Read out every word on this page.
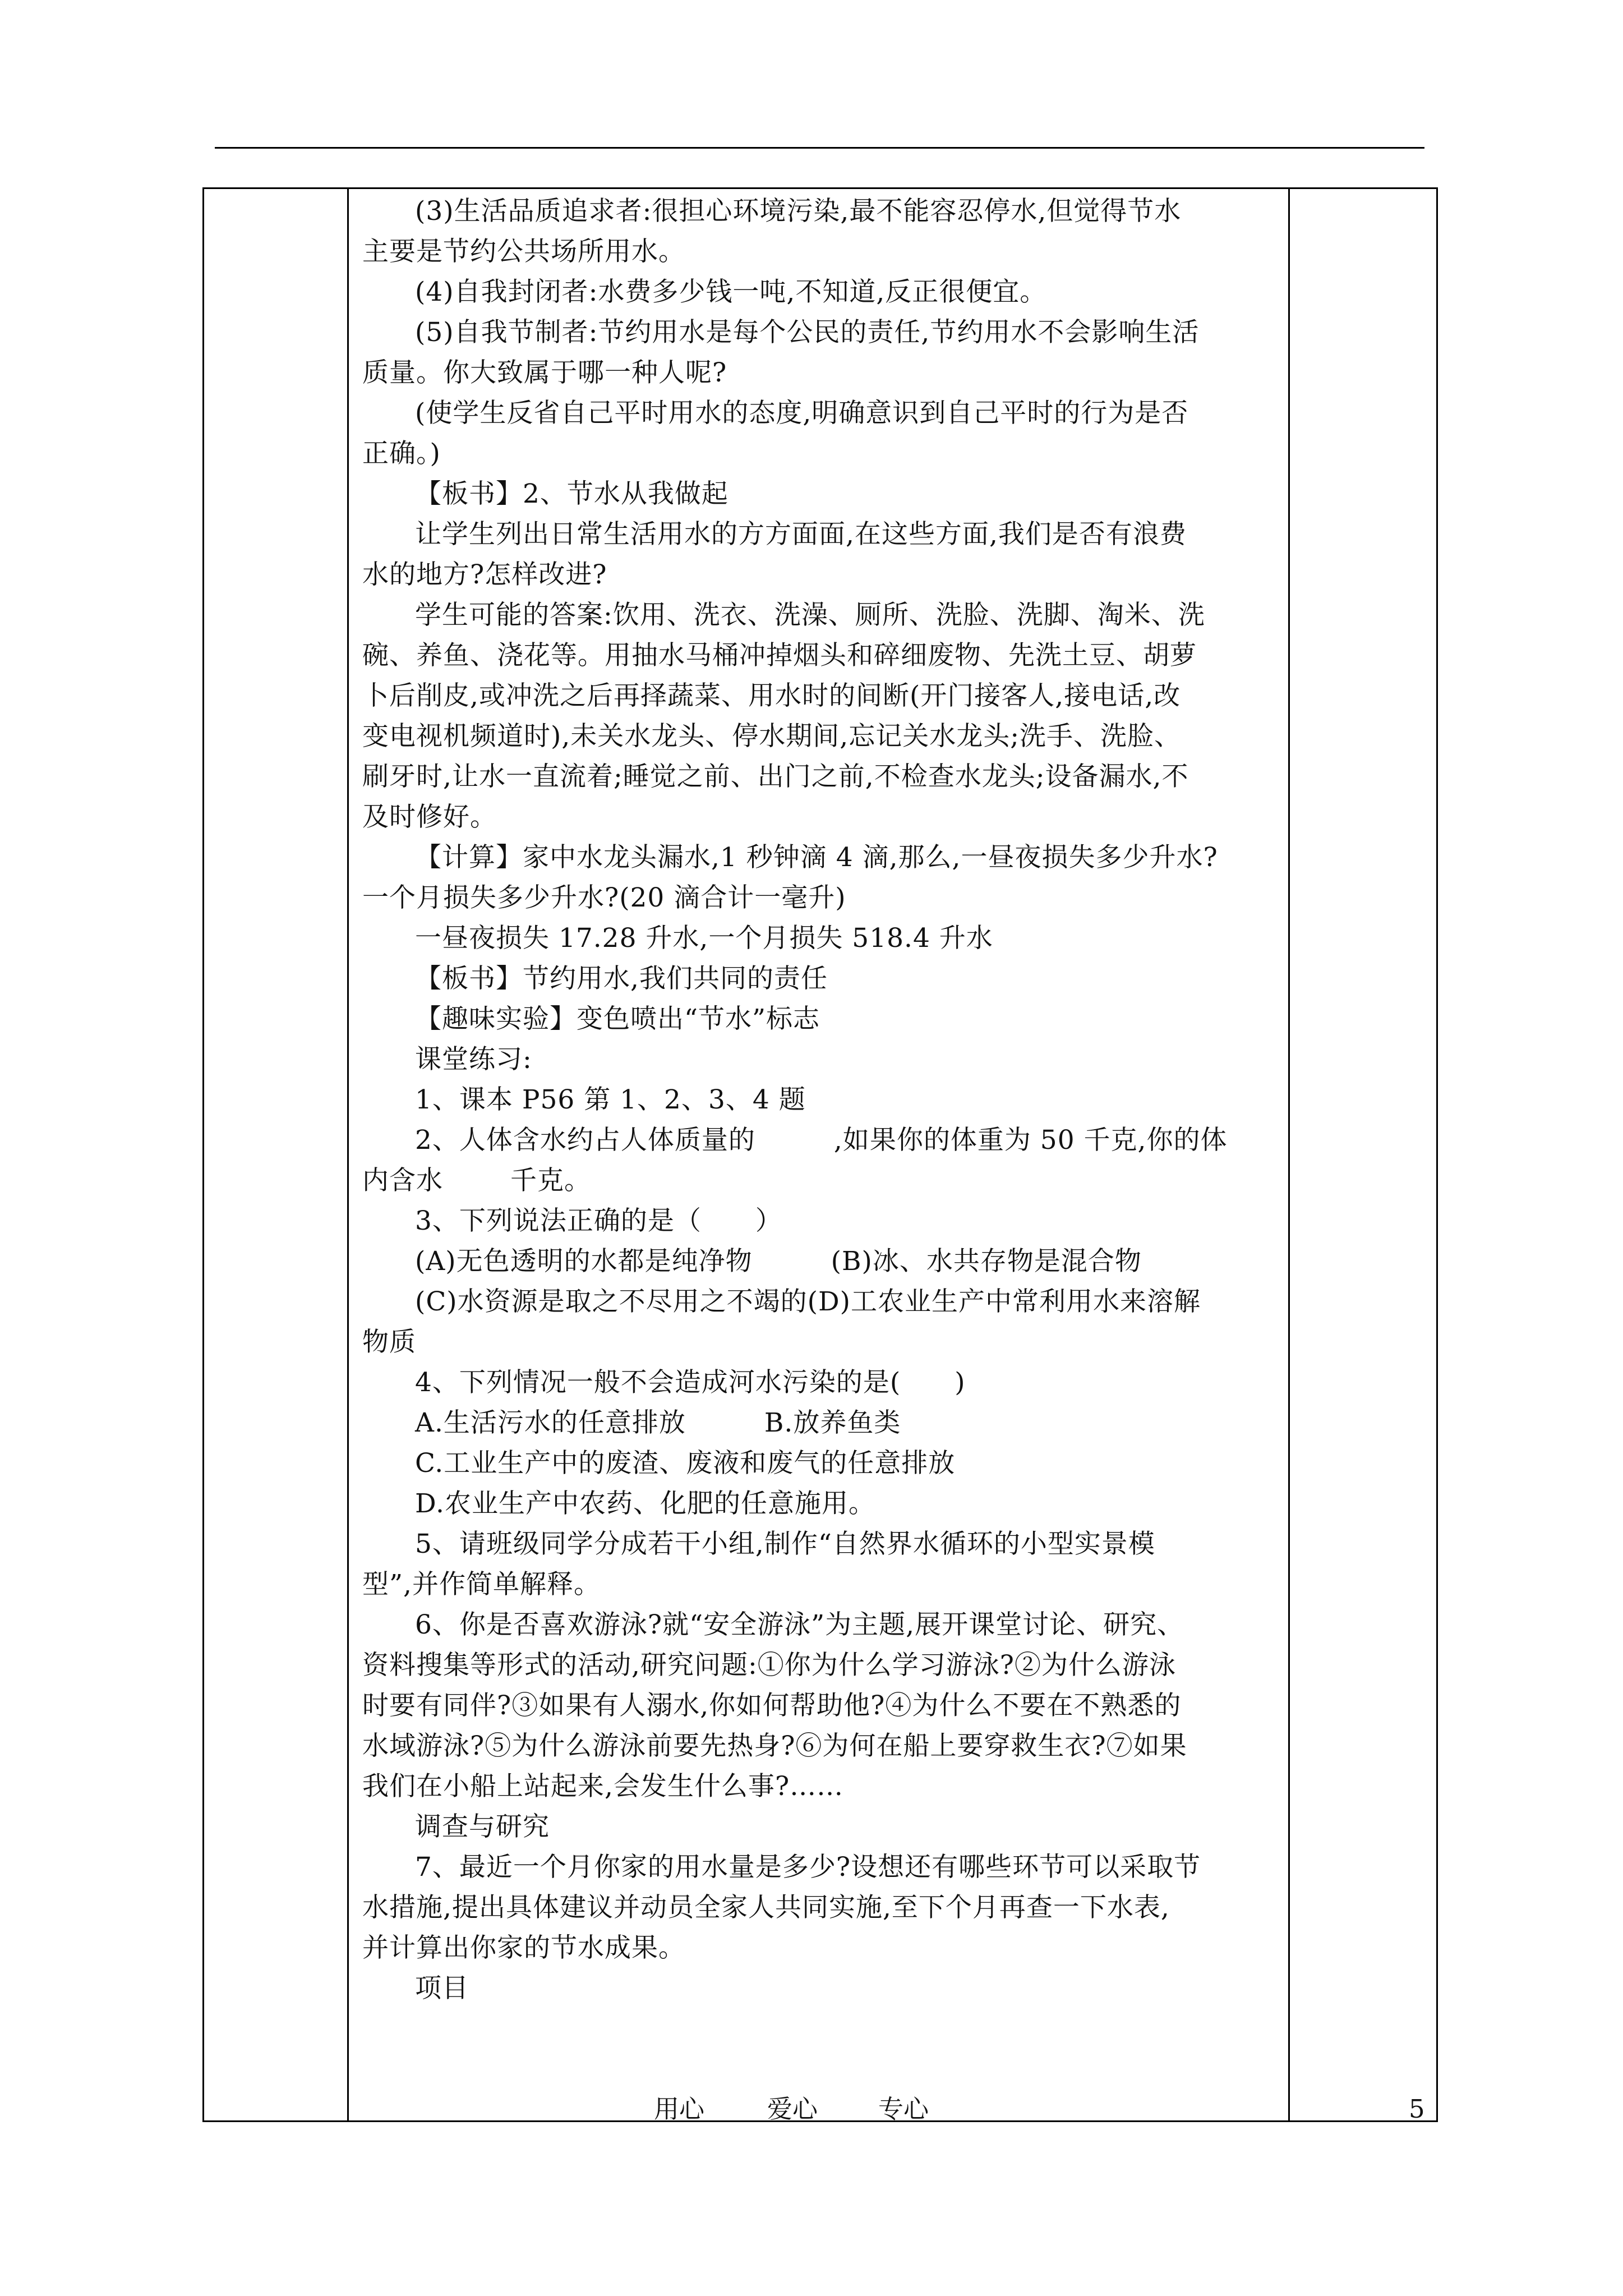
(3)生活品质追求者:很担心环境污染,最不能容忍停水,但觉得节水
主要是节约公共场所用水。
(4)自我封闭者:水费多少钱一吨,不知道,反正很便宜。
(5)自我节制者:节约用水是每个公民的责任,节约用水不会影响生活
质量。你大致属于哪一种人呢?
(使学生反省自己平时用水的态度,明确意识到自己平时的行为是否
正确。)
【板书】2、节水从我做起
让学生列出日常生活用水的方方面面,在这些方面,我们是否有浪费
水的地方?怎样改进?
学生可能的答案:饮用、洗衣、洗澡、厕所、洗脸、洗脚、淘米、洗
碗、养鱼、浇花等。用抽水马桶冲掉烟头和碎细废物、先洗土豆、胡萝
卜后削皮,或冲洗之后再择蔬菜、用水时的间断(开门接客人,接电话,改
变电视机频道时),未关水龙头、停水期间,忘记关水龙头;洗手、洗脸、
刷牙时,让水一直流着;睡觉之前、出门之前,不检查水龙头;设备漏水,不
及时修好。
【计算】家中水龙头漏水,1 秒钟滴 4 滴,那么,一昼夜损失多少升水?
一个月损失多少升水?(20 滴合计一毫升)
一昼夜损失 17.28 升水,一个月损失 518.4 升水
【板书】节约用水,我们共同的责任
【趣味实验】变色喷出“节水”标志
课堂练习:
1、课本 P56 第 1、2、3、4 题
2、人体含水约占人体质量的	,如果你的体重为 50 千克,你的体
内含水	千克。
3、下列说法正确的是（　　）
(A)无色透明的水都是纯净物	(B)冰、水共存物是混合物
(C)水资源是取之不尽用之不竭的(D)工农业生产中常利用水来溶解
物质
4、下列情况一般不会造成河水污染的是(　　)
A.生活污水的任意排放	B.放养鱼类
C.工业生产中的废渣、废液和废气的任意排放
D.农业生产中农药、化肥的任意施用。
5、请班级同学分成若干小组,制作“自然界水循环的小型实景模
型”,并作简单解释。
6、你是否喜欢游泳?就“安全游泳”为主题,展开课堂讨论、研究、
资料搜集等形式的活动,研究问题:①你为什么学习游泳?②为什么游泳
时要有同伴?③如果有人溺水,你如何帮助他?④为什么不要在不熟悉的
水域游泳?⑤为什么游泳前要先热身?⑥为何在船上要穿救生衣?⑦如果
我们在小船上站起来,会发生什么事?……
调查与研究
7、最近一个月你家的用水量是多少?设想还有哪些环节可以采取节
水措施,提出具体建议并动员全家人共同实施,至下个月再查一下水表,
并计算出你家的节水成果。
项目
用心 爱心 专心	5
